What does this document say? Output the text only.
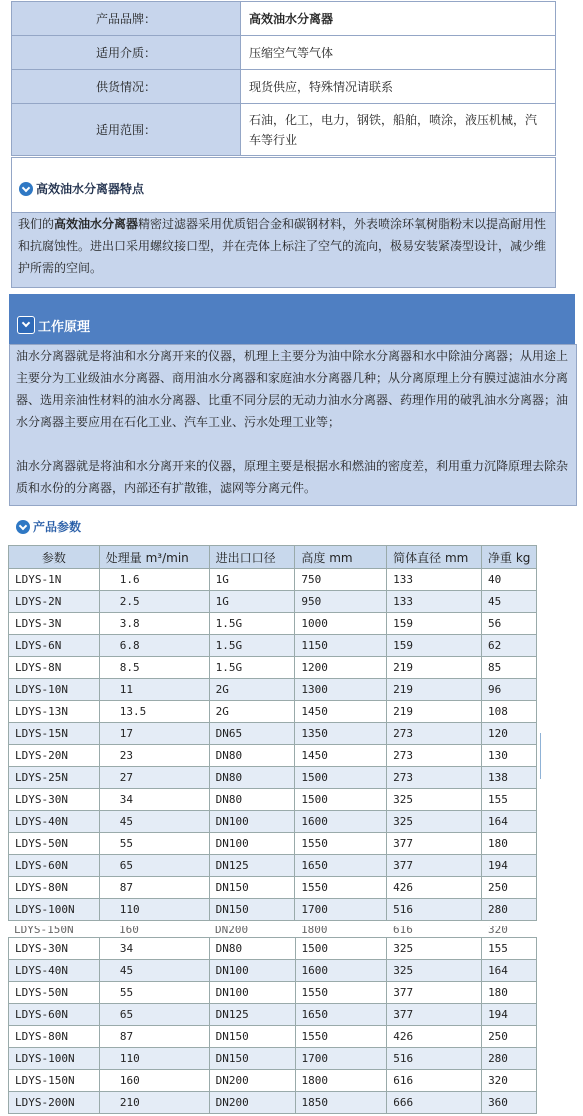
产品品牌：	高效油水分离器
适用介质：	压缩空气等气体
供货情况：	现货供应，特殊情况请联系
适用范围：	石油，化工，电力，钢铁，船舶，喷涂，液压机械，汽 车等行业
高效油水分离器特点
我们的高效油水分离器精密过滤器采用优质铝合金和碳钢材料，外表喷涂环氧树脂粉末以提高耐用性和抗腐蚀性。进出口采用螺纹接口型，并在壳体上标注了空气的流向，极易安装紧凑型设计，减少维护所需的空间。
工作原理

油水分离器就是将油和水分离开来的仪器，机理上主要分为油中除水分离器和水中除油分离器；从用途上主要分为工业级油水分离器、商用油水分离器和家庭油水分离器几种；从分离原理上分有膜过滤油水分离器、选用亲油性材料的油水分离器、比重不同分层的无动力油水分离器、药理作用的破乳油水分离器；油水分离器主要应用在石化工业、汽车工业、污水处理工业等；

油水分离器就是将油和水分离开来的仪器，原理主要是根据水和燃油的密度差，利用重力沉降原理去除杂质和水份的分离器，内部还有扩散锥，滤网等分离元件。

产品参数
参数	处理量 m³/min	进出口口径	高度 mm	简体直径 mm	净重 kg
LDYS-1N	1.6	1G	750	133	40
LDYS-2N	2.5	1G	950	133	45
LDYS-3N	3.8	1.5G	1000	159	56
LDYS-6N	6.8	1.5G	1150	159	62
LDYS-8N	8.5	1.5G	1200	219	85
LDYS-10N	11	2G	1300	219	96
LDYS-13N	13.5	2G	1450	219	108
LDYS-15N	17	DN65	1350	273	120
LDYS-20N	23	DN80	1450	273	130
LDYS-25N	27	DN80	1500	273	138
LDYS-30N	34	DN80	1500	325	155
LDYS-40N	45	DN100	1600	325	164
LDYS-50N	55	DN100	1550	377	180
LDYS-60N	65	DN125	1650	377	194
LDYS-80N	87	DN150	1550	426	250
LDYS-100N	110	DN150	1700	516	280
LDYS-150N	160	DN200	1800	616	320
LDYS-30N	34	DN80	1500	325	155
LDYS-40N	45	DN100	1600	325	164
LDYS-50N	55	DN100	1550	377	180
LDYS-60N	65	DN125	1650	377	194
LDYS-80N	87	DN150	1550	426	250
LDYS-100N	110	DN150	1700	516	280
LDYS-150N	160	DN200	1800	616	320
LDYS-200N	210	DN200	1850	666	360
